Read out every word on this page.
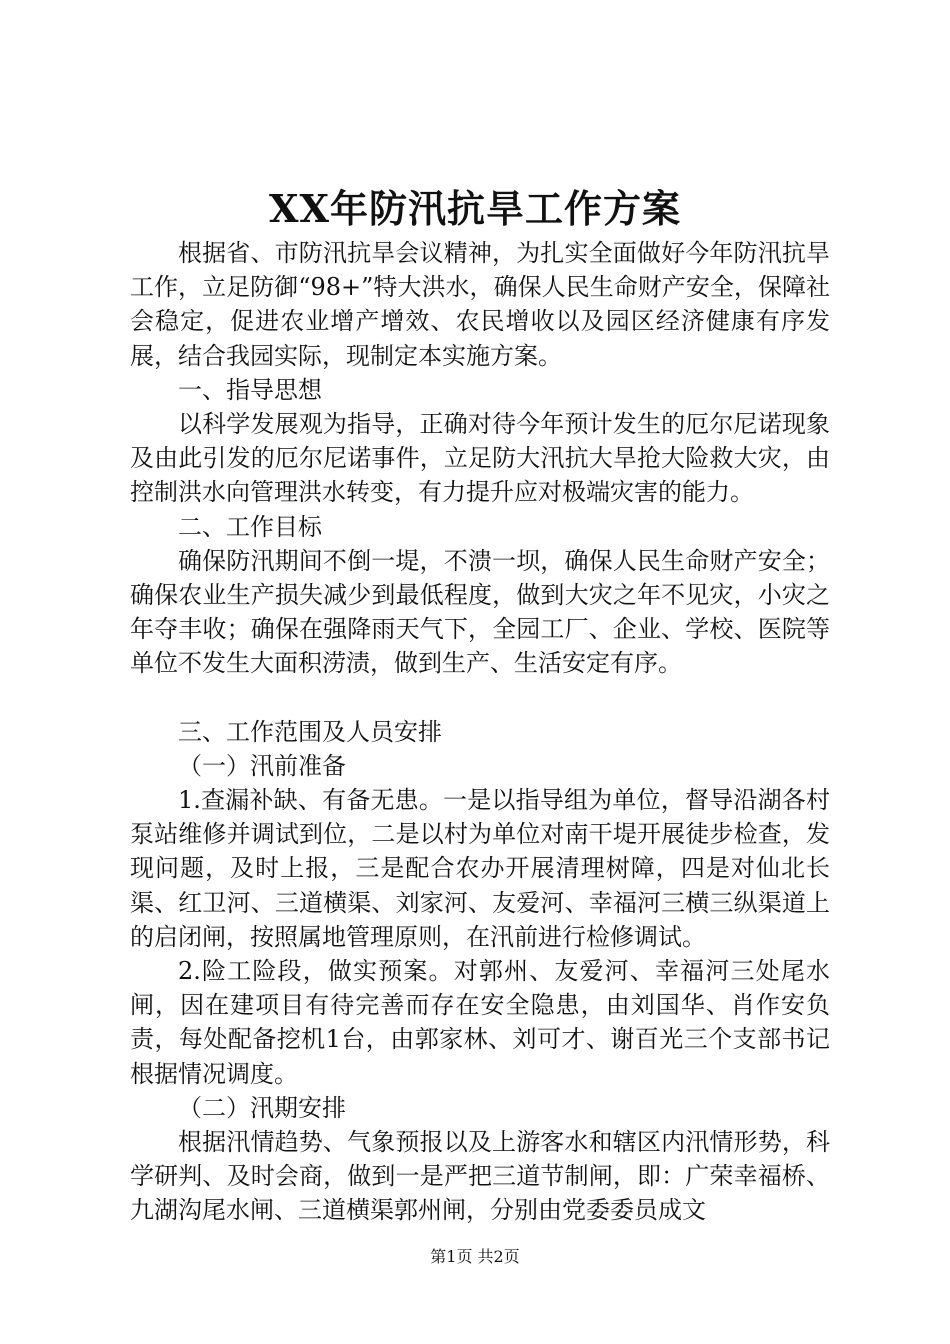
XX年防汛抗旱工作方案

根据省、市防汛抗旱会议精神，为扎实全面做好今年防汛抗旱工作，立足防御“98+”特大洪水，确保人民生命财产安全，保障社会稳定，促进农业增产增效、农民增收以及园区经济健康有序发展，结合我园实际，现制定本实施方案。

一、指导思想

以科学发展观为指导，正确对待今年预计发生的厄尔尼诺现象及由此引发的厄尔尼诺事件，立足防大汛抗大旱抢大险救大灾，由控制洪水向管理洪水转变，有力提升应对极端灾害的能力。

二、工作目标

确保防汛期间不倒一堤，不溃一坝，确保人民生命财产安全；确保农业生产损失减少到最低程度，做到大灾之年不见灾，小灾之年夺丰收；确保在强降雨天气下，全园工厂、企业、学校、医院等单位不发生大面积涝渍，做到生产、生活安定有序。

三、工作范围及人员安排

（一）汛前准备

1.查漏补缺、有备无患。一是以指导组为单位，督导沿湖各村泵站维修并调试到位，二是以村为单位对南干堤开展徒步检查，发现问题，及时上报，三是配合农办开展清理树障，四是对仙北长渠、红卫河、三道横渠、刘家河、友爱河、幸福河三横三纵渠道上的启闭闸，按照属地管理原则，在汛前进行检修调试。

2.险工险段，做实预案。对郭州、友爱河、幸福河三处尾水闸，因在建项目有待完善而存在安全隐患，由刘国华、肖作安负责，每处配备挖机1台，由郭家林、刘可才、谢百光三个支部书记根据情况调度。

（二）汛期安排

根据汛情趋势、气象预报以及上游客水和辖区内汛情形势，科学研判、及时会商，做到一是严把三道节制闸，即：广荣幸福桥、九湖沟尾水闸、三道横渠郭州闸，分别由党委委员成文

第1页 共2页
